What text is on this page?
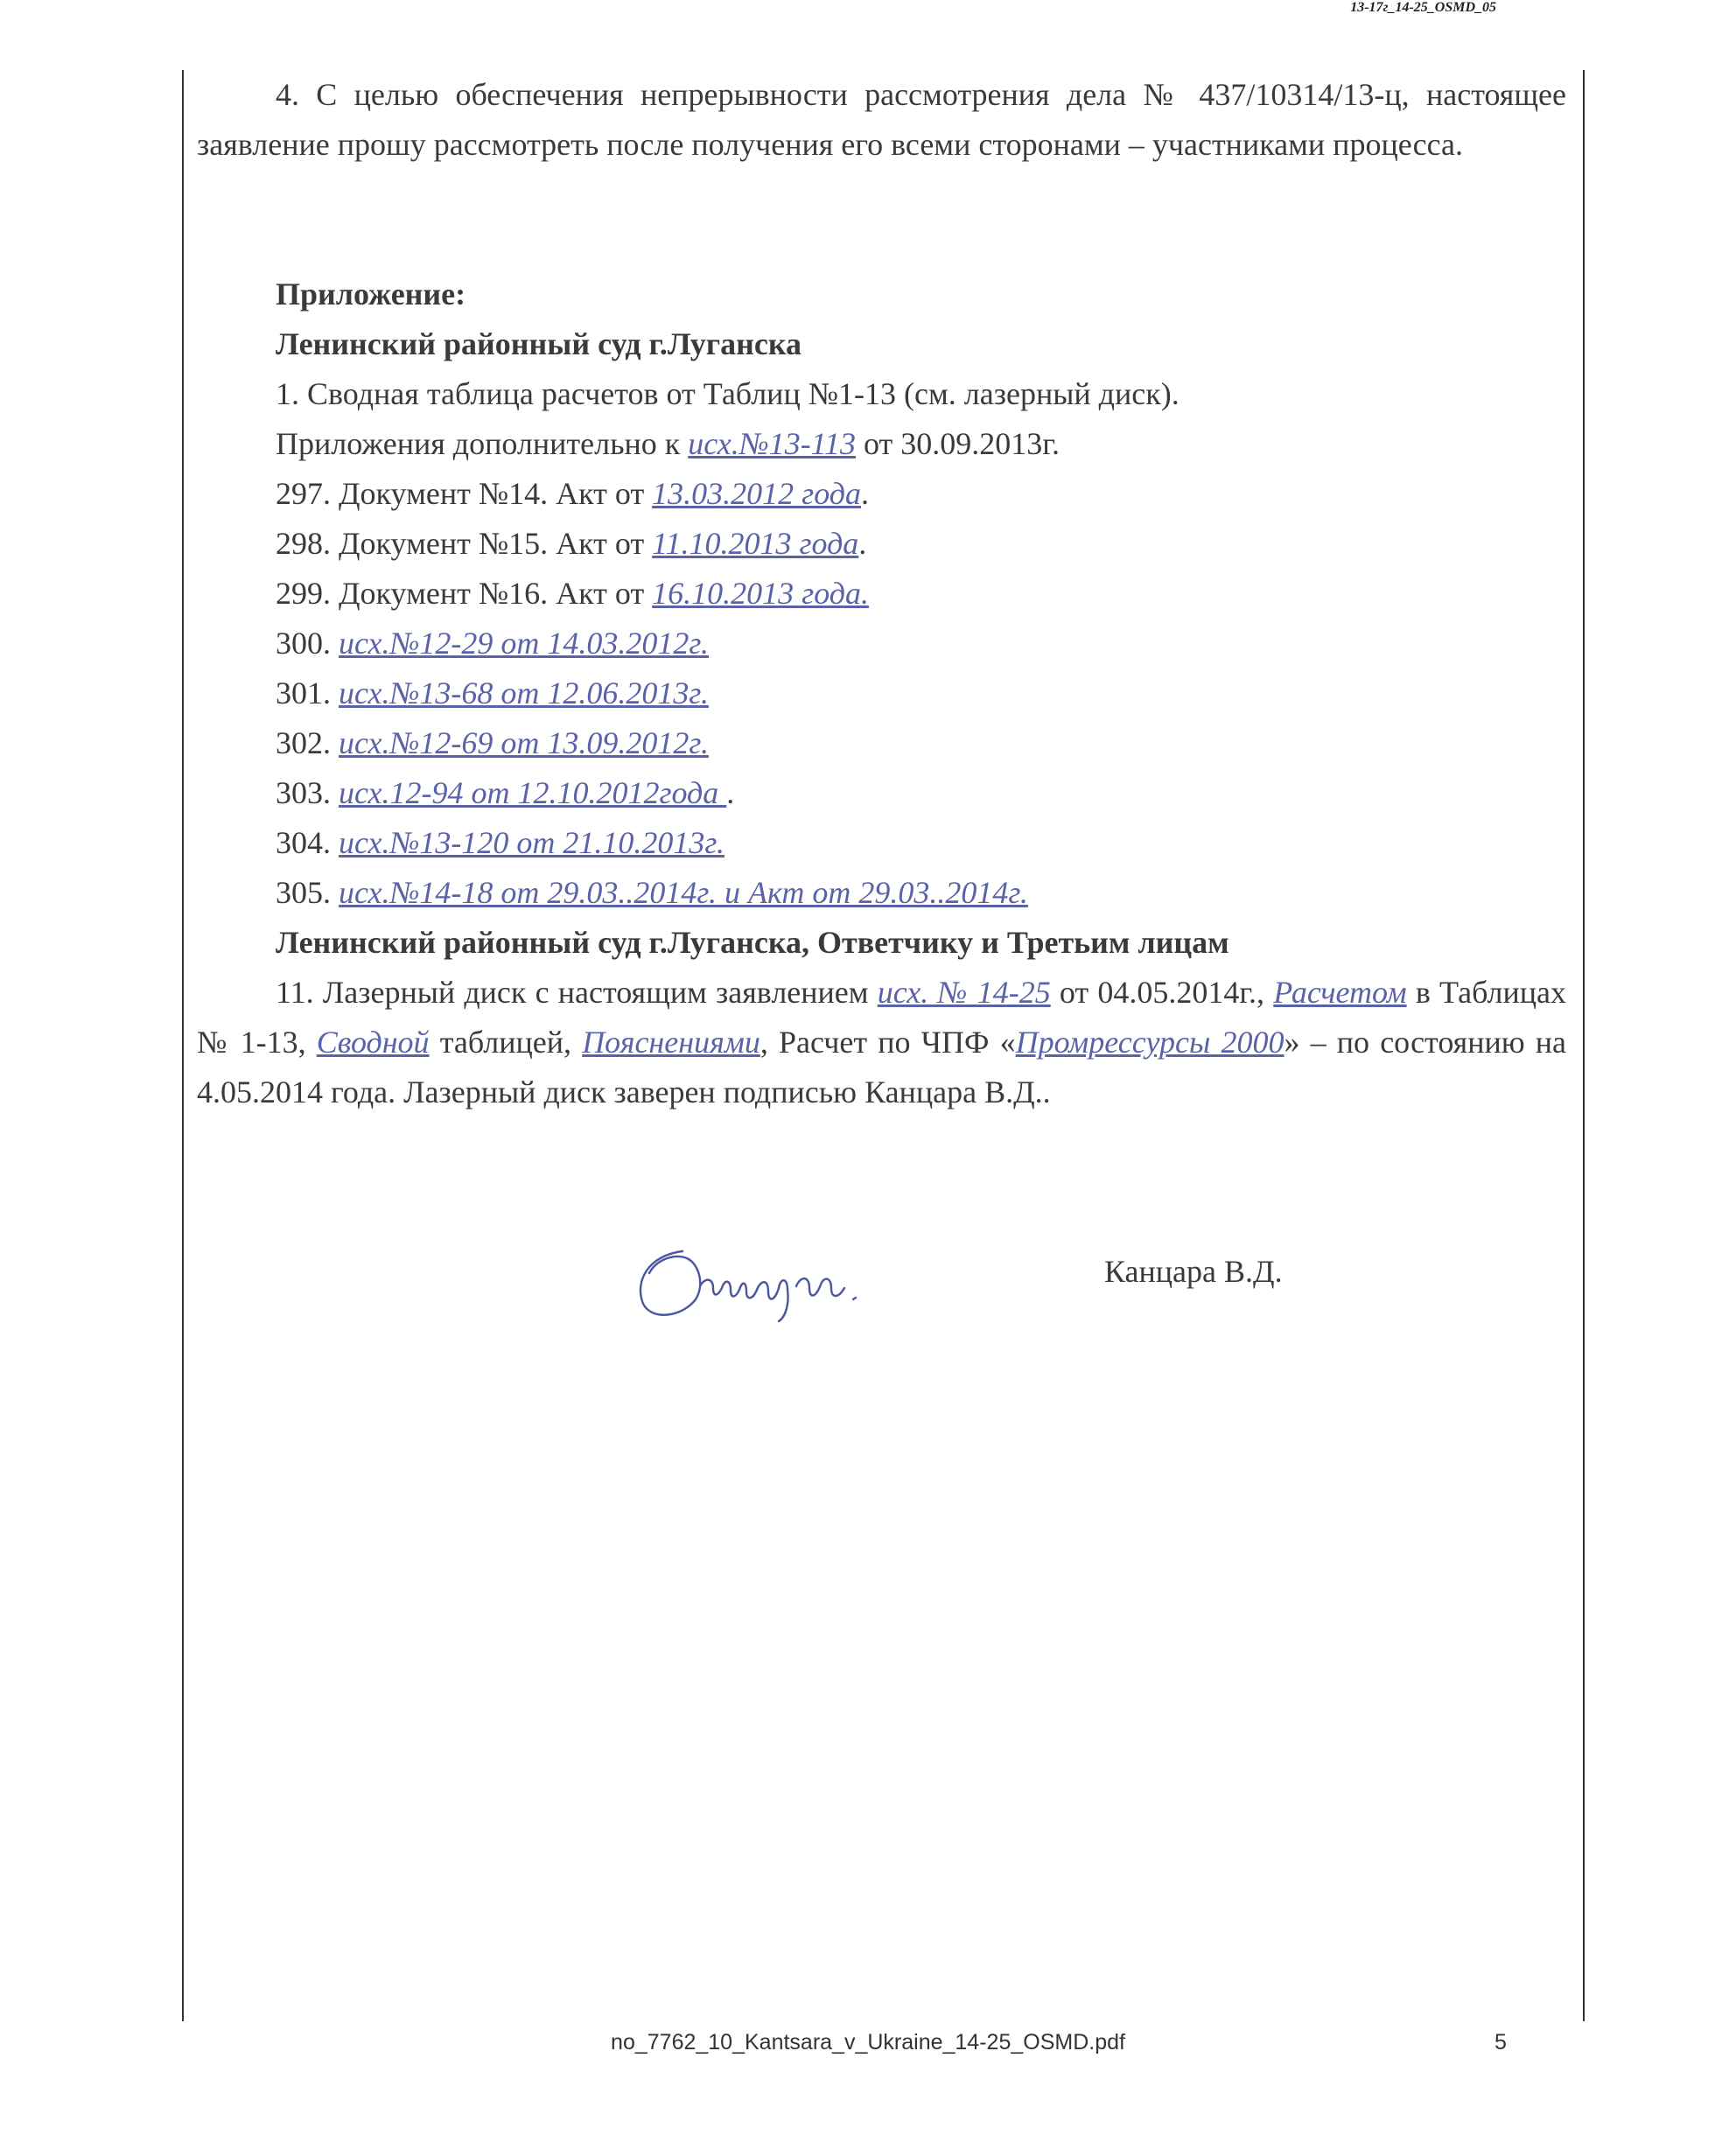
13-17г_14-25_OSMD_05

4. С целью обеспечения непрерывности рассмотрения дела № 437/10314/13-ц, настоящее заявление прошу рассмотреть после получения его всеми сторонами – участниками процесса.

Приложение:
Ленинский районный суд г.Луганска
1. Сводная таблица расчетов от Таблиц №1-13 (см. лазерный диск).
Приложения дополнительно к исх.№13-113 от 30.09.2013г.
297. Документ №14. Акт от 13.03.2012 года.
298. Документ №15. Акт от 11.10.2013 года.
299. Документ №16. Акт от 16.10.2013 года.
300. исх.№12-29 от 14.03.2012г.
301. исх.№13-68 от 12.06.2013г.
302. исх.№12-69 от 13.09.2012г.
303. исх.12-94 от 12.10.2012года .
304. исх.№13-120 от 21.10.2013г.
305. исх.№14-18 от 29.03..2014г. и Акт от 29.03..2014г.
Ленинский районный суд г.Луганска, Ответчику и Третьим лицам

11. Лазерный диск с настоящим заявлением исх. № 14-25 от 04.05.2014г., Расчетом в Таблицах № 1-13, Сводной таблицей, Пояснениями, Расчет по ЧПФ «Промрессурсы 2000» – по состоянию на 4.05.2014 года. Лазерный диск заверен подписью Канцара В.Д..

Канцара В.Д.
no_7762_10_Kantsara_v_Ukraine_14-25_OSMD.pdf	5
